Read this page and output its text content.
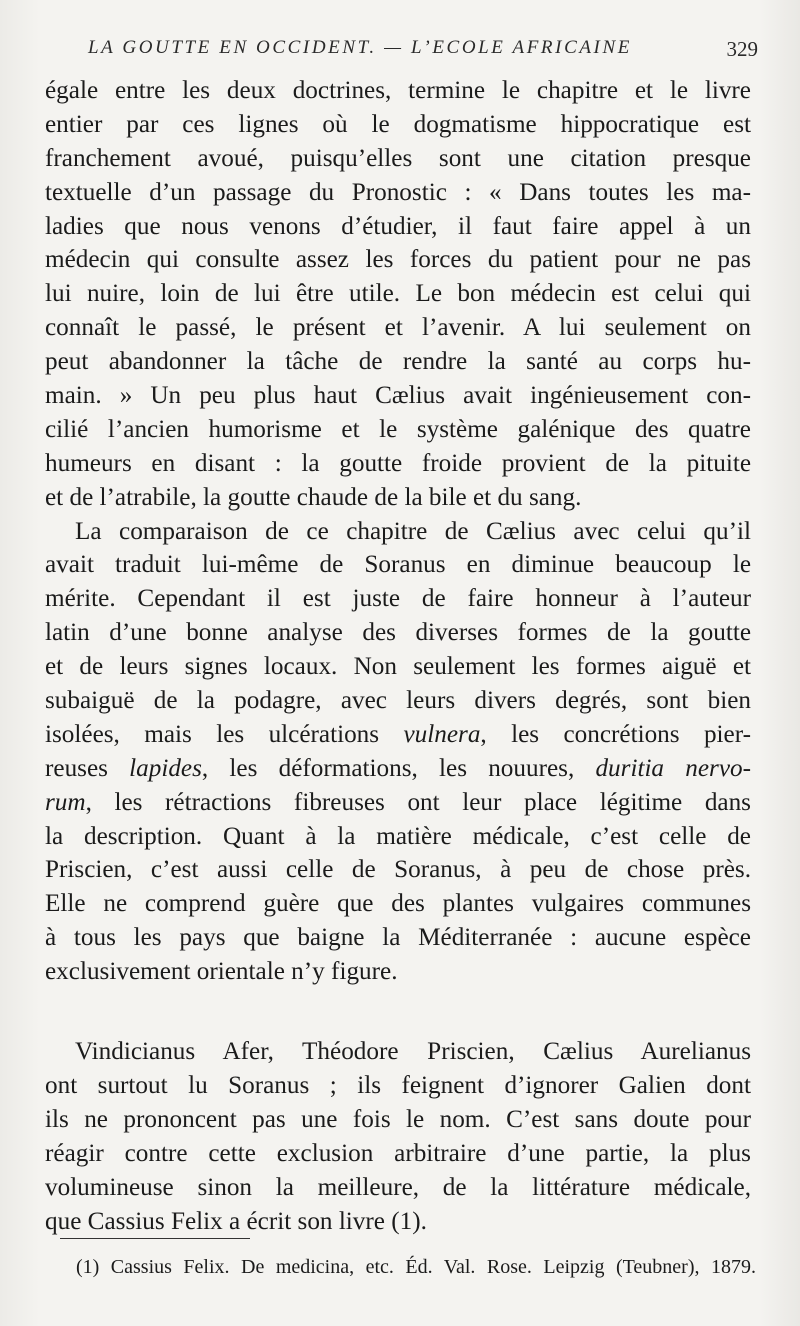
LA GOUTTE EN OCCIDENT. — L’ECOLE AFRICAINE	329
égale entre les deux doctrines, termine le chapitre et le livre
entier par ces lignes où le dogmatisme hippocratique est
franchement avoué, puisqu’elles sont une citation presque
textuelle d’un passage du Pronostic : « Dans toutes les ma-
ladies que nous venons d’étudier, il faut faire appel à un
médecin qui consulte assez les forces du patient pour ne pas
lui nuire, loin de lui être utile. Le bon médecin est celui qui
connaît le passé, le présent et l’avenir. A lui seulement on
peut abandonner la tâche de rendre la santé au corps hu-
main. » Un peu plus haut Cælius avait ingénieusement con-
cilié l’ancien humorisme et le système galénique des quatre
humeurs en disant : la goutte froide provient de la pituite
et de l’atrabile, la goutte chaude de la bile et du sang.
La comparaison de ce chapitre de Cælius avec celui qu’il
avait traduit lui-même de Soranus en diminue beaucoup le
mérite. Cependant il est juste de faire honneur à l’auteur
latin d’une bonne analyse des diverses formes de la goutte
et de leurs signes locaux. Non seulement les formes aiguë et
subaiguë de la podagre, avec leurs divers degrés, sont bien
isolées, mais les ulcérations vulnera, les concrétions pier-
reuses lapides, les déformations, les nouures, duritia nervo-
rum, les rétractions fibreuses ont leur place légitime dans
la description. Quant à la matière médicale, c’est celle de
Priscien, c’est aussi celle de Soranus, à peu de chose près.
Elle ne comprend guère que des plantes vulgaires communes
à tous les pays que baigne la Méditerranée : aucune espèce
exclusivement orientale n’y figure.
Vindicianus Afer, Théodore Priscien, Cælius Aurelianus
ont surtout lu Soranus ; ils feignent d’ignorer Galien dont
ils ne prononcent pas une fois le nom. C’est sans doute pour
réagir contre cette exclusion arbitraire d’une partie, la plus
volumineuse sinon la meilleure, de la littérature médicale,
que Cassius Felix a écrit son livre (1).
(1) Cassius Felix. De medicina, etc. Éd. Val. Rose. Leipzig (Teubner), 1879.
